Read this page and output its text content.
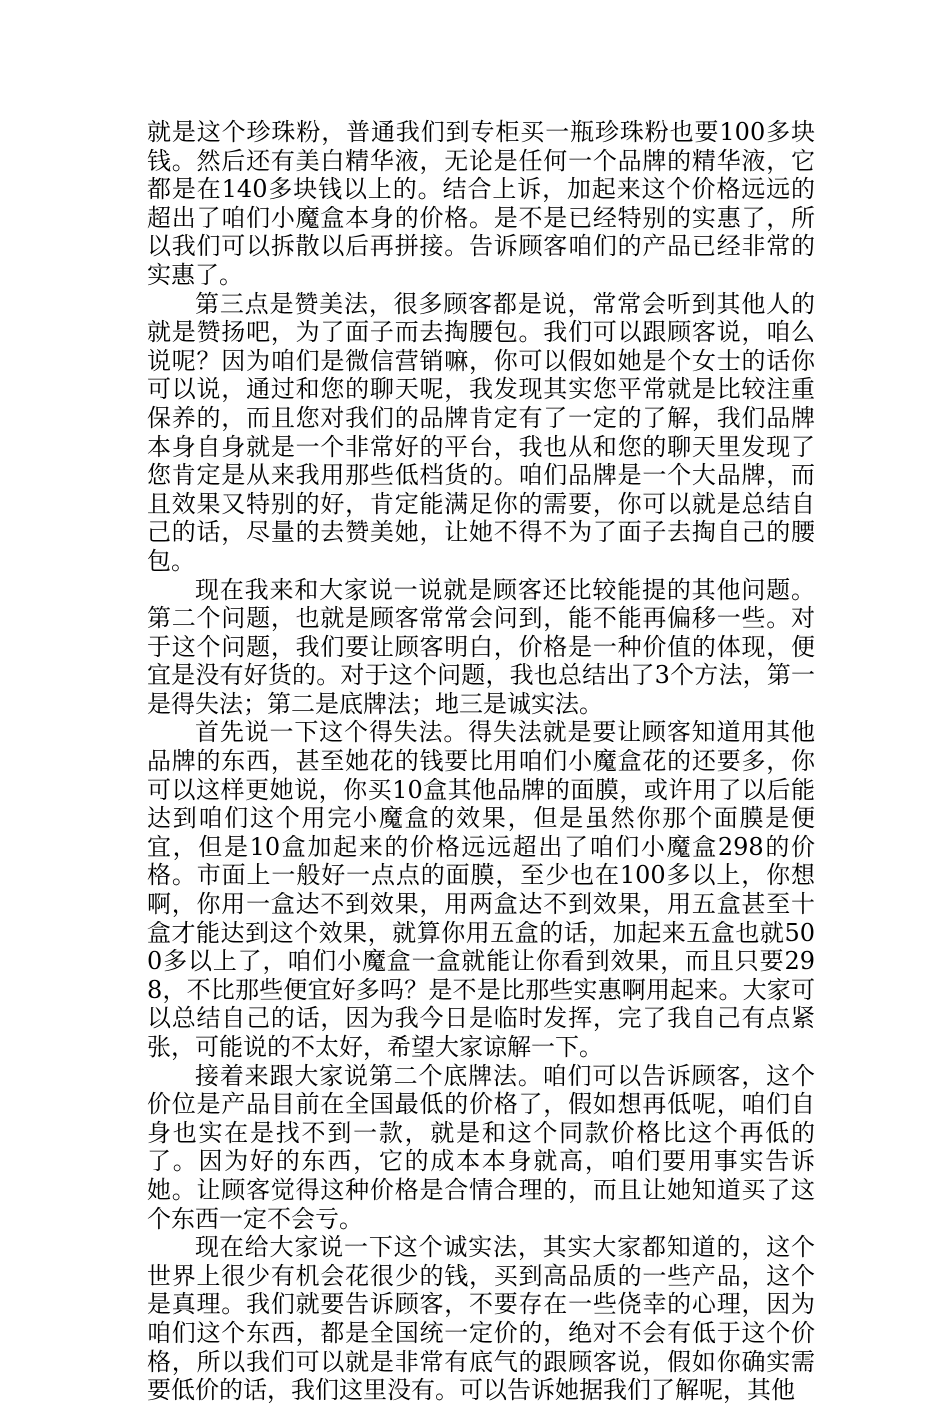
就是这个珍珠粉，普通我们到专柜买一瓶珍珠粉也要100多块钱。然后还有美白精华液，无论是任何一个品牌的精华液，它都是在140多块钱以上的。结合上诉，加起来这个价格远远的超出了咱们小魔盒本身的价格。是不是已经特别的实惠了，所以我们可以拆散以后再拼接。告诉顾客咱们的产品已经非常的实惠了。

第三点是赞美法，很多顾客都是说，常常会听到其他人的就是赞扬吧，为了面子而去掏腰包。我们可以跟顾客说，咱么说呢？因为咱们是微信营销嘛，你可以假如她是个女士的话你可以说，通过和您的聊天呢，我发现其实您平常就是比较注重保养的，而且您对我们的品牌肯定有了一定的了解，我们品牌本身自身就是一个非常好的平台，我也从和您的聊天里发现了您肯定是从来我用那些低档货的。咱们品牌是一个大品牌，而且效果又特别的好，肯定能满足你的需要，你可以就是总结自己的话，尽量的去赞美她，让她不得不为了面子去掏自己的腰包。

现在我来和大家说一说就是顾客还比较能提的其他问题。第二个问题，也就是顾客常常会问到，能不能再偏移一些。对于这个问题，我们要让顾客明白，价格是一种价值的体现，便宜是没有好货的。对于这个问题，我也总结出了3个方法，第一是得失法；第二是底牌法；地三是诚实法。

首先说一下这个得失法。得失法就是要让顾客知道用其他品牌的东西，甚至她花的钱要比用咱们小魔盒花的还要多，你可以这样更她说，你买10盒其他品牌的面膜，或许用了以后能达到咱们这个用完小魔盒的效果，但是虽然你那个面膜是便宜，但是10盒加起来的价格远远超出了咱们小魔盒298的价格。市面上一般好一点点的面膜，至少也在100多以上，你想啊，你用一盒达不到效果，用两盒达不到效果，用五盒甚至十盒才能达到这个效果，就算你用五盒的话，加起来五盒也就500多以上了，咱们小魔盒一盒就能让你看到效果，而且只要298，不比那些便宜好多吗？是不是比那些实惠啊用起来。大家可以总结自己的话，因为我今日是临时发挥，完了我自己有点紧张，可能说的不太好，希望大家谅解一下。

接着来跟大家说第二个底牌法。咱们可以告诉顾客，这个价位是产品目前在全国最低的价格了，假如想再低呢，咱们自身也实在是找不到一款，就是和这个同款价格比这个再低的了。因为好的东西，它的成本本身就高，咱们要用事实告诉她。让顾客觉得这种价格是合情合理的，而且让她知道买了这个东西一定不会亏。

现在给大家说一下这个诚实法，其实大家都知道的，这个世界上很少有机会花很少的钱，买到高品质的一些产品，这个是真理。我们就要告诉顾客，不要存在一些侥幸的心理，因为咱们这个东西，都是全国统一定价的，绝对不会有低于这个价格，所以我们可以就是非常有底气的跟顾客说，假如你确实需要低价的话，我们这里没有。可以告诉她据我们了解呢，其他
